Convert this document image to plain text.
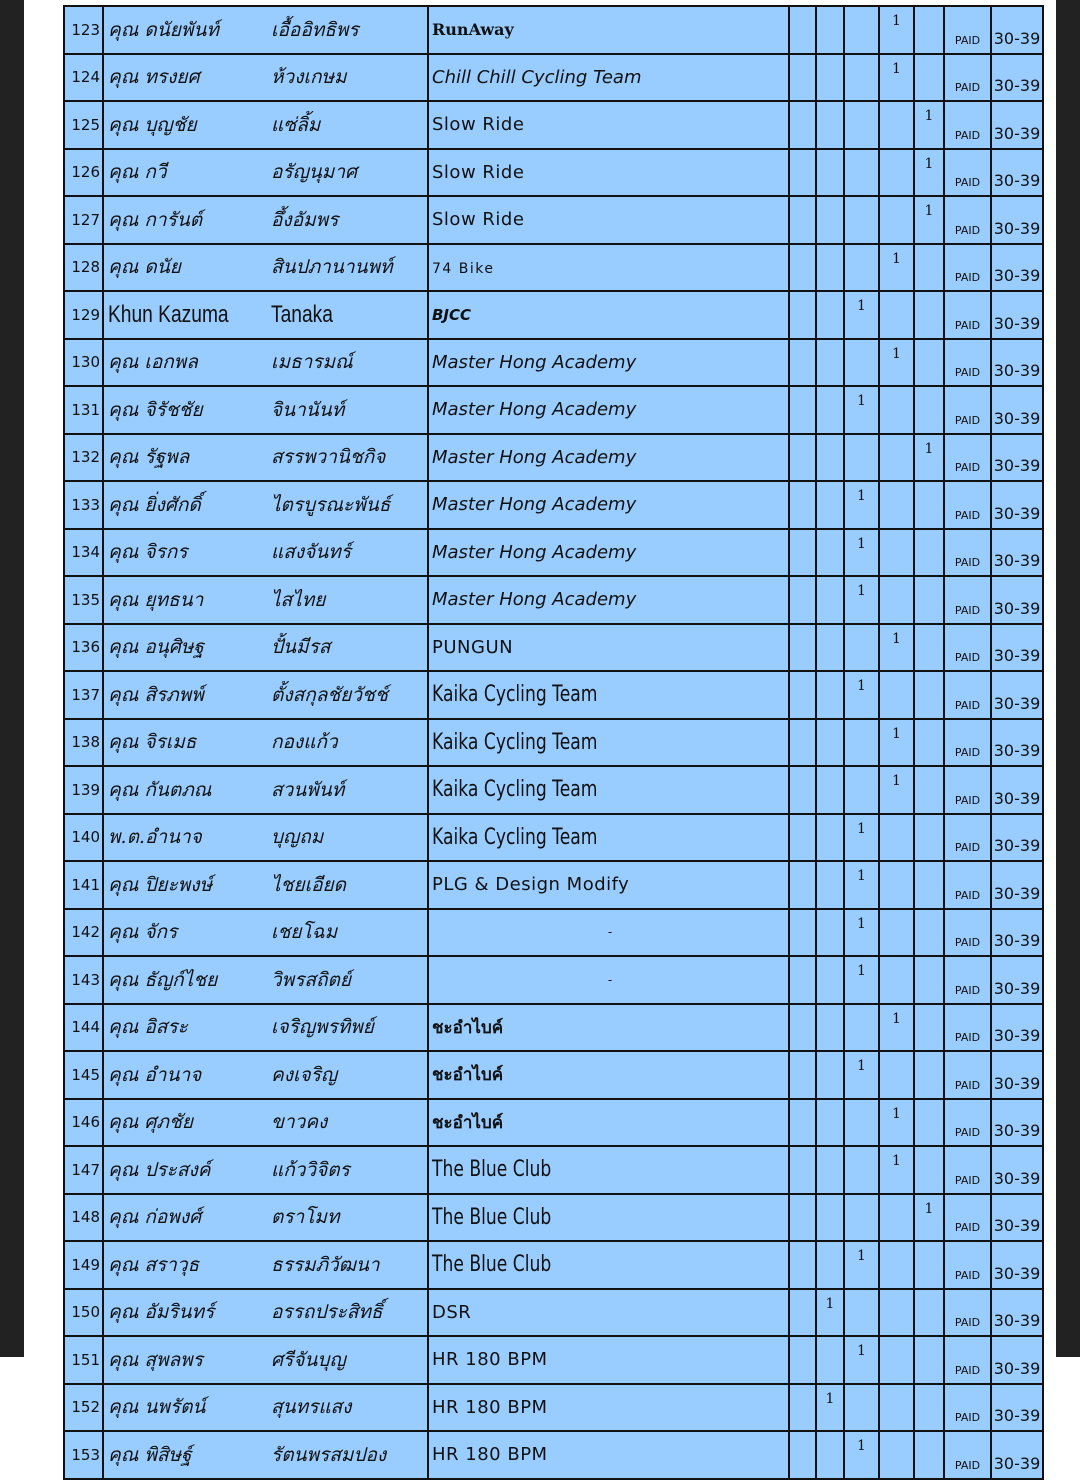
123	คุณ ดนัยพันท์	เอื้ออิทธิพร	RunAway				1		PAID	30-39
124	คุณ ทรงยศ	ห้วงเกษม	Chill Chill Cycling Team				1		PAID	30-39
125	คุณ บุญชัย	แซ่ลิ้ม	Slow Ride					1	PAID	30-39
126	คุณ กวี	อรัญนุมาศ	Slow Ride					1	PAID	30-39
127	คุณ การันต์	อึ้งอัมพร	Slow Ride					1	PAID	30-39
128	คุณ ดนัย	สินปภานานพท์	74 Bike				1		PAID	30-39
129	Khun Kazuma	Tanaka	BJCC			1			PAID	30-39
130	คุณ เอกพล	เมธารมณ์	Master Hong Academy				1		PAID	30-39
131	คุณ จิรัชชัย	จินานันท์	Master Hong Academy			1			PAID	30-39
132	คุณ รัฐพล	สรรพวานิชกิจ	Master Hong Academy					1	PAID	30-39
133	คุณ ยิ่งศักดิ์	ไตรบูรณะพันธ์	Master Hong Academy			1			PAID	30-39
134	คุณ จิรกร	แสงจันทร์	Master Hong Academy			1			PAID	30-39
135	คุณ ยุทธนา	ไสไทย	Master Hong Academy			1			PAID	30-39
136	คุณ อนุศิษฐ	ปั้นมีรส	PUNGUN				1		PAID	30-39
137	คุณ สิรภพพ์	ตั้งสกุลชัยวัชช์	Kaika Cycling Team			1			PAID	30-39
138	คุณ จิรเมธ	กองแก้ว	Kaika Cycling Team				1		PAID	30-39
139	คุณ กันตภณ	สวนพันท์	Kaika Cycling Team				1		PAID	30-39
140	พ.ต.อำนาจ	บุญถม	Kaika Cycling Team			1			PAID	30-39
141	คุณ ปิยะพงษ์	ไชยเอียด	PLG & Design Modify			1			PAID	30-39
142	คุณ จักร	เชยโฉม	-			1			PAID	30-39
143	คุณ ธัญก์ไชย	วิพรสถิตย์	-			1			PAID	30-39
144	คุณ อิสระ	เจริญพรทิพย์	ชะอำไบค์				1		PAID	30-39
145	คุณ อำนาจ	คงเจริญ	ชะอำไบค์			1			PAID	30-39
146	คุณ ศุภชัย	ขาวคง	ชะอำไบค์				1		PAID	30-39
147	คุณ ประสงค์	แก้ววิจิตร	The Blue Club				1		PAID	30-39
148	คุณ ก่อพงศ์	ตราโมท	The Blue Club					1	PAID	30-39
149	คุณ สราวุธ	ธรรมภิวัฒนา	The Blue Club			1			PAID	30-39
150	คุณ อัมรินทร์	อรรถประสิทธิ์	DSR		1				PAID	30-39
151	คุณ สุพลพร	ศรีจันบุญ	HR 180 BPM			1			PAID	30-39
152	คุณ นพรัตน์	สุนทรแสง	HR 180 BPM		1				PAID	30-39
153	คุณ พิสิษฐ์	รัตนพรสมปอง	HR 180 BPM			1			PAID	30-39
